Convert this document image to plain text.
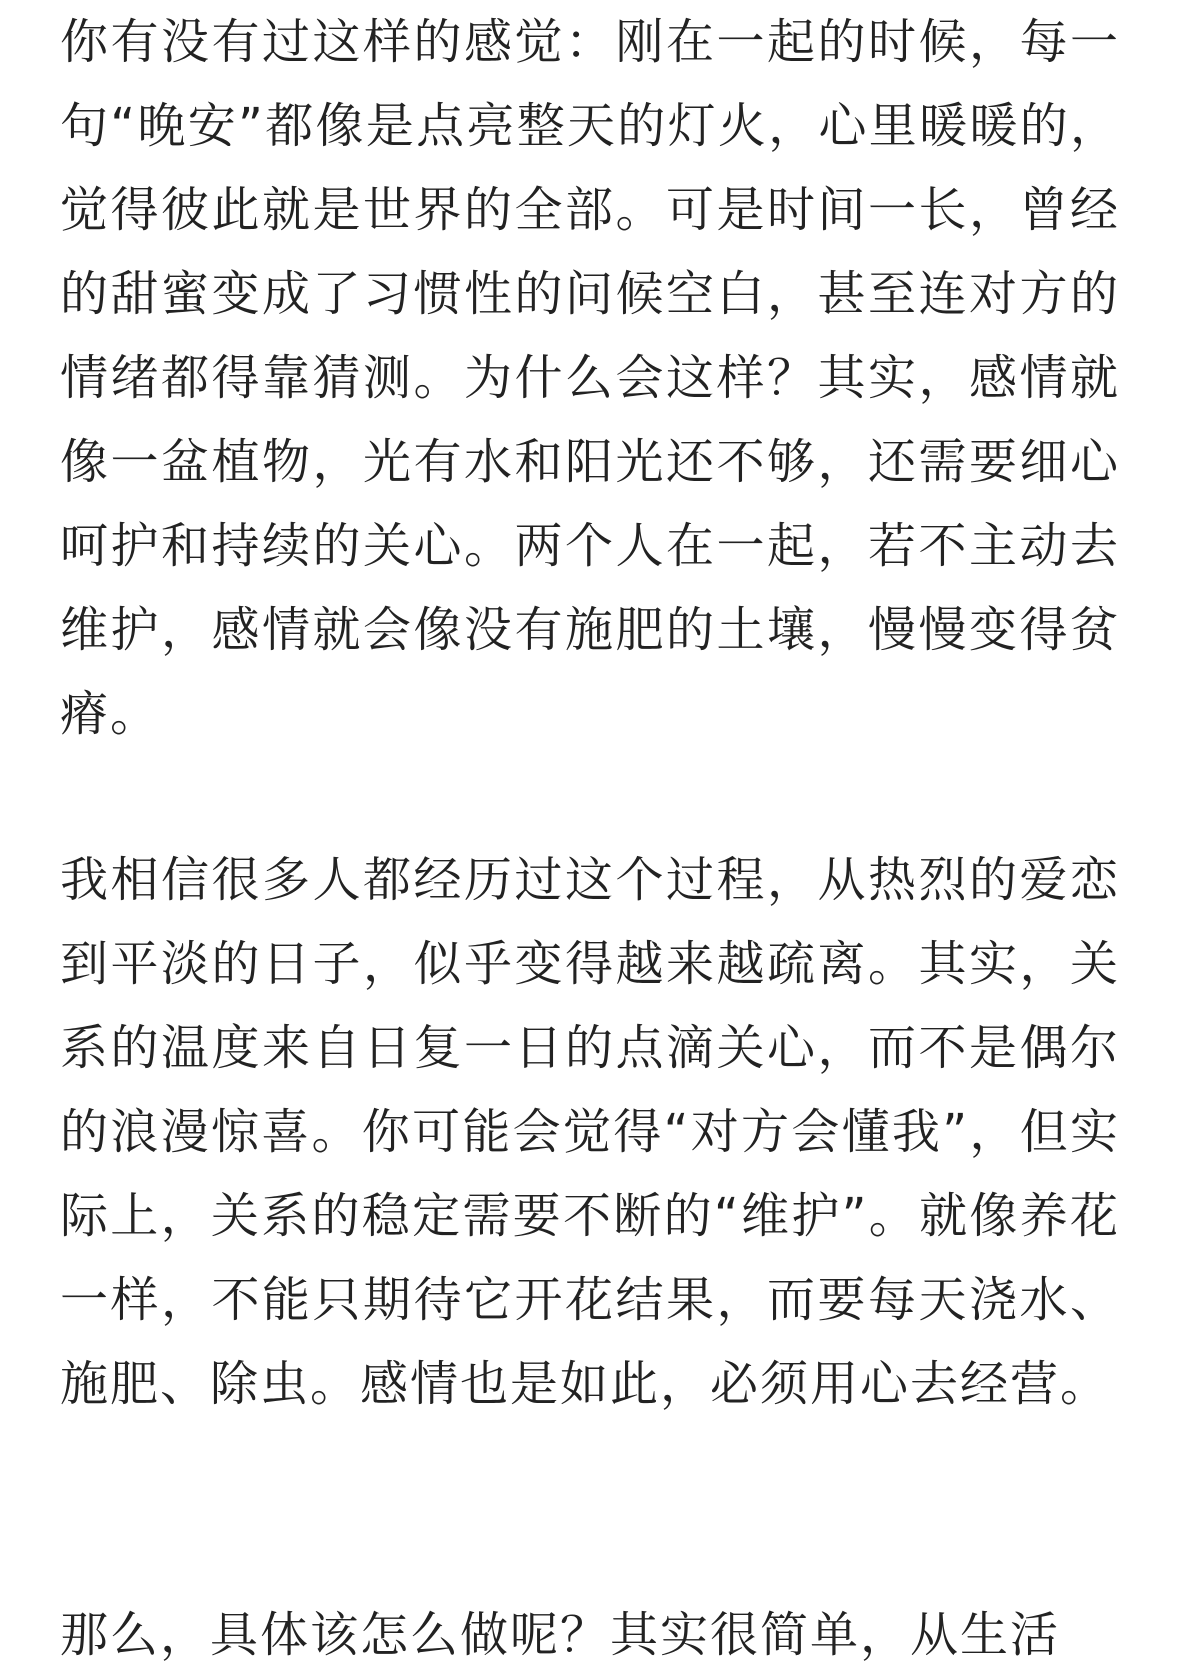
你有没有过这样的感觉：刚在一起的时候，每一句“晚安”都像是点亮整天的灯火，心里暖暖的，觉得彼此就是世界的全部。可是时间一长，曾经的甜蜜变成了习惯性的问候空白，甚至连对方的情绪都得靠猜测。为什么会这样？其实，感情就像一盆植物，光有水和阳光还不够，还需要细心呵护和持续的关心。两个人在一起，若不主动去维护，感情就会像没有施肥的土壤，慢慢变得贫瘠。

我相信很多人都经历过这个过程，从热烈的爱恋到平淡的日子，似乎变得越来越疏离。其实，关系的温度来自日复一日的点滴关心，而不是偶尔的浪漫惊喜。你可能会觉得“对方会懂我”，但实际上，关系的稳定需要不断的“维护”。就像养花一样，不能只期待它开花结果，而要每天浇水、施肥、除虫。感情也是如此，必须用心去经营。

那么，具体该怎么做呢？其实很简单，从生活
